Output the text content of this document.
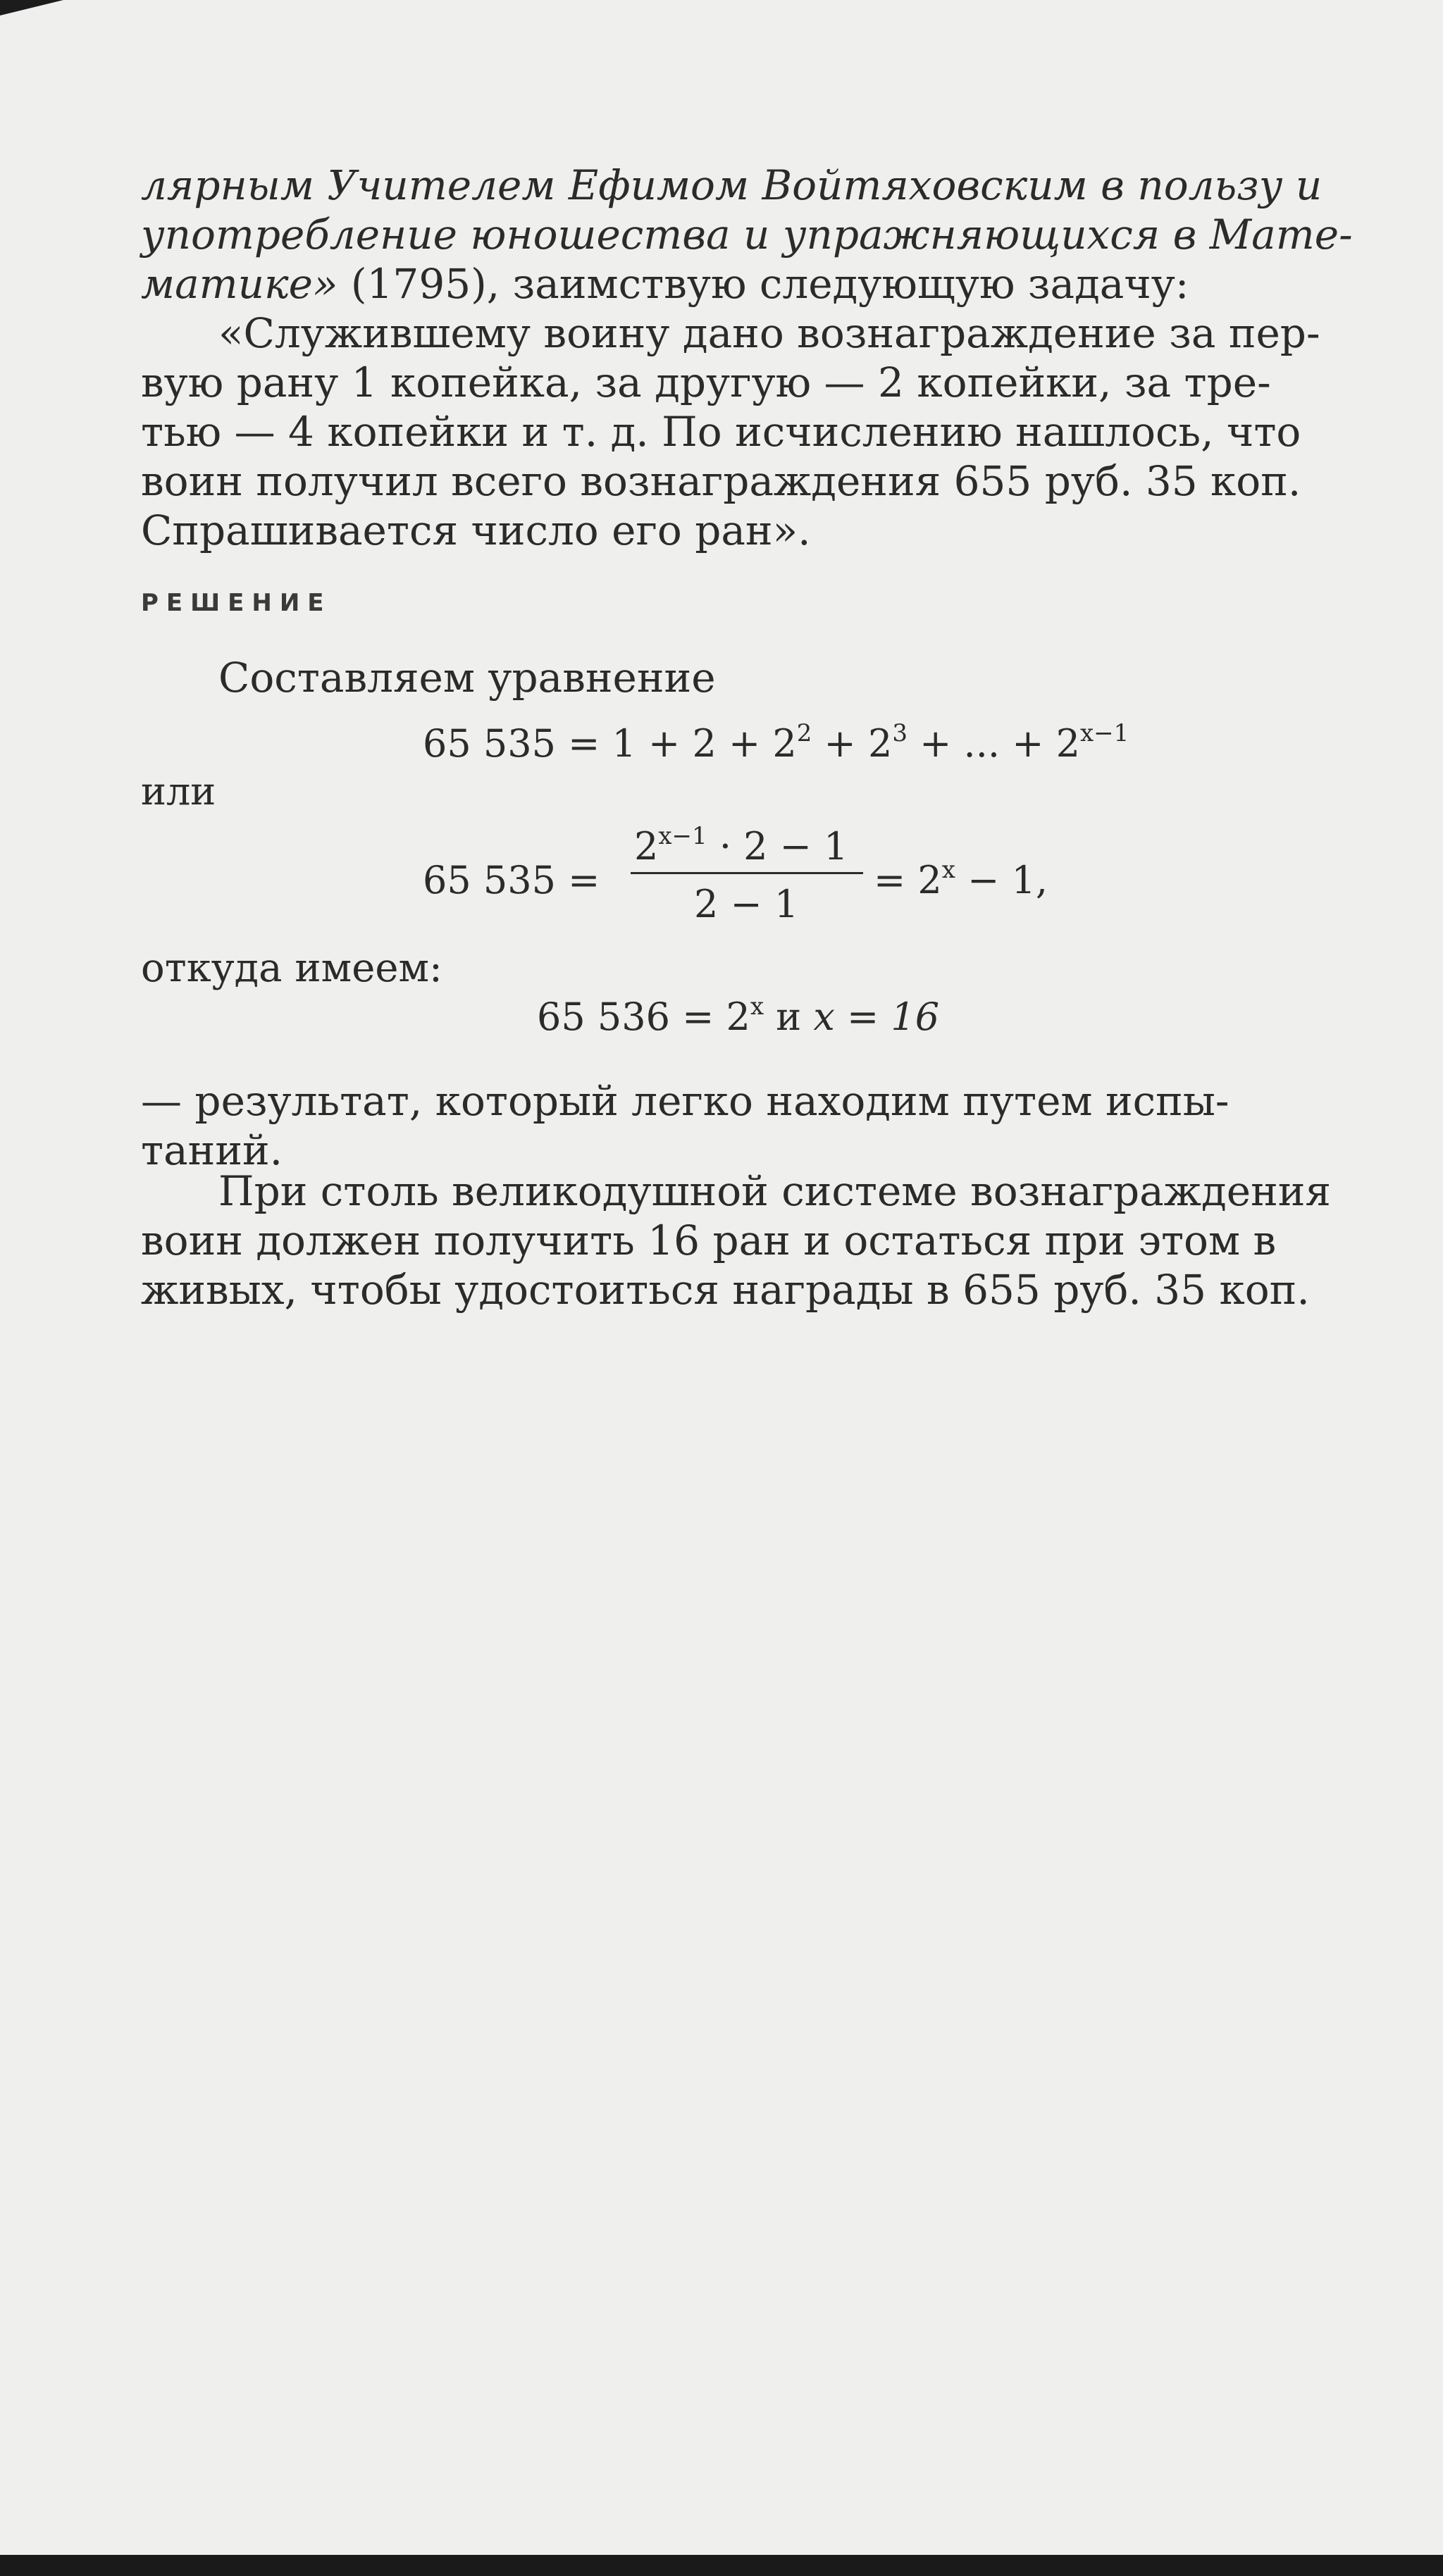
лярным Учителем Ефимом Войтяховским в пользу и
употребление юношества и упражняющихся в Мате-
матике» (1795), заимствую следующую задачу:
«Служившему воину дано вознаграждение за пер-
вую рану 1 копейка, за другую — 2 копейки, за тре-
тью — 4 копейки и т. д. По исчислению нашлось, что
воин получил всего вознаграждения 655 руб. 35 коп.
Спрашивается число его ран».
РЕШЕНИЕ
Составляем уравнение
65 $535 = 1 + 2 + 2^2 + 2^3$ + ... + $2^{x-1}$
или
65 535 =
$2^{x-1} \cdot 2 - 1$
2 − 1
= $2^x - 1$,
откуда имеем:
65 $536 = 2^x$ и x = 16
— результат, который легко находим путем испы-
таний.
При столь великодушной системе вознаграждения
воин должен получить 16 ран и остаться при этом в
живых, чтобы удостоиться награды в 655 руб. 35 коп.
